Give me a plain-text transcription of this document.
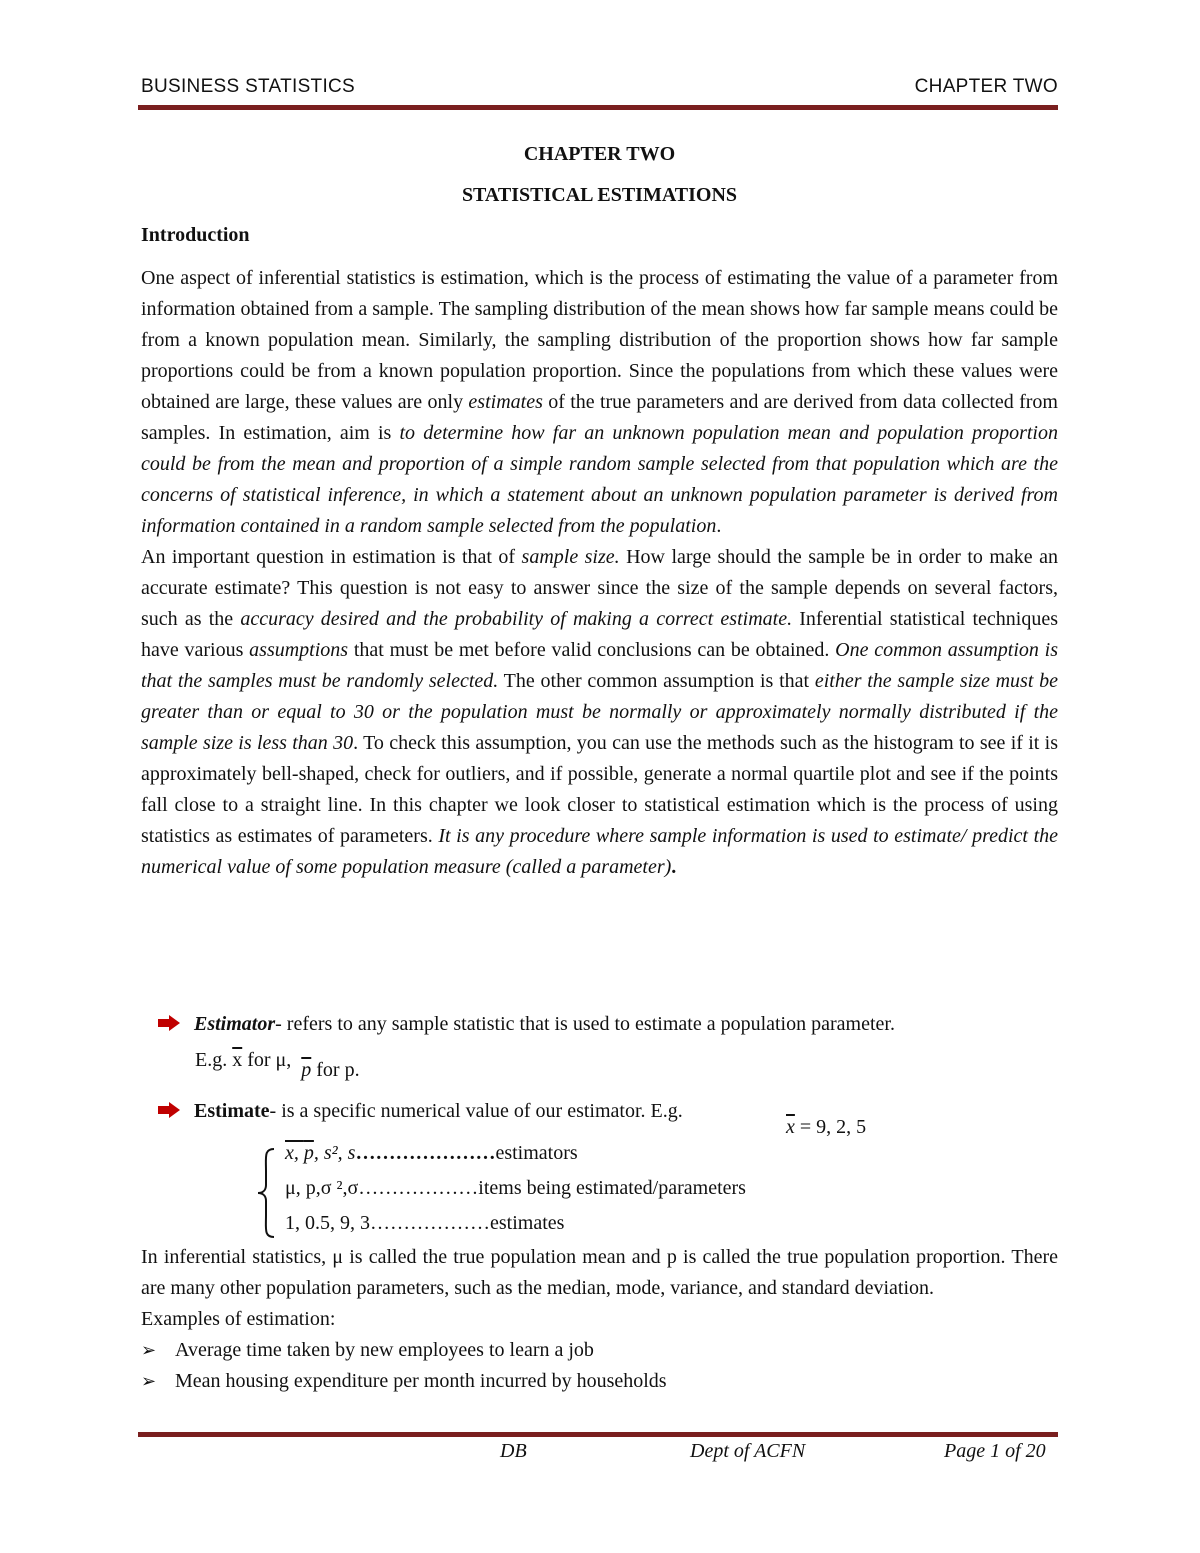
BUSINESS STATISTICS	CHAPTER TWO
CHAPTER TWO
STATISTICAL ESTIMATIONS
Introduction

One aspect of inferential statistics is estimation, which is the process of estimating the value of a parameter from information obtained from a sample. The sampling distribution of the mean shows how far sample means could be from a known population mean. Similarly, the sampling distribution of the proportion shows how far sample proportions could be from a known population proportion. Since the populations from which these values were obtained are large, these values are only estimates of the true parameters and are derived from data collected from samples. In estimation, aim is to determine how far an unknown population mean and population proportion could be from the mean and proportion of a simple random sample selected from that population which are the concerns of statistical inference, in which a statement about an unknown population parameter is derived from information contained in a random sample selected from the population.

An important question in estimation is that of sample size. How large should the sample be in order to make an accurate estimate? This question is not easy to answer since the size of the sample depends on several factors, such as the accuracy desired and the probability of making a correct estimate. Inferential statistical techniques have various assumptions that must be met before valid conclusions can be obtained. One common assumption is that the samples must be randomly selected. The other common assumption is that either the sample size must be greater than or equal to 30 or the population must be normally or approximately normally distributed if the sample size is less than 30. To check this assumption, you can use the methods such as the histogram to see if it is approximately bell-shaped, check for outliers, and if possible, generate a normal quartile plot and see if the points fall close to a straight line. In this chapter we look closer to statistical estimation which is the process of using statistics as estimates of parameters. It is any procedure where sample information is used to estimate/ predict the numerical value of some population measure (called a parameter).

Estimator- refers to any sample statistic that is used to estimate a population parameter.
E.g. $\overline{x}$ for μ, $\overline{p}$ for p.
Estimate- is a specific numerical value of our estimator. E.g.
$\overline{x} = 9$, 2, 5
x, $\overline{p}$, s², s…………………estimators
μ, p,σ ²,σ………………items being estimated/parameters
1, 0.5, 9, 3………………estimates

In inferential statistics, μ is called the true population mean and p is called the true population proportion. There are many other population parameters, such as the median, mode, variance, and standard deviation.

Examples of estimation:

➢ Average time taken by new employees to learn a job

➢ Mean housing expenditure per month incurred by households

DB	Dept of ACFN	Page 1 of 20
